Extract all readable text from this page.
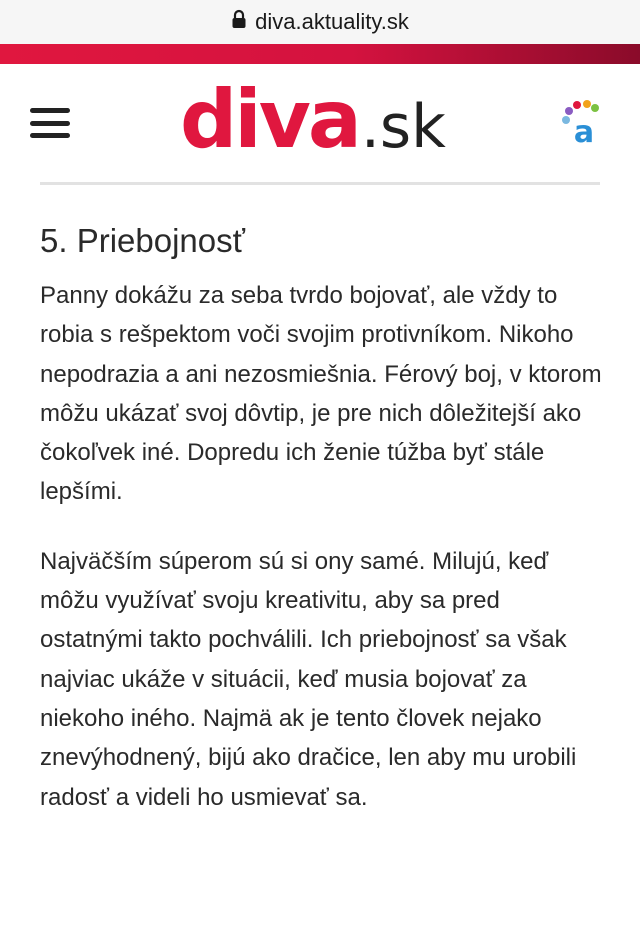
diva.aktuality.sk
diva .sk	a
5. Priebojnosť

Panny dokážu za seba tvrdo bojovať, ale vždy to robia s rešpektom voči svojim protivníkom. Nikoho nepodrazia a ani nezosmiešnia. Férový boj, v ktorom môžu ukázať svoj dôvtip, je pre nich dôležitejší ako čokoľvek iné. Dopredu ich ženie túžba byť stále lepšími.

Najväčším súperom sú si ony samé. Milujú, keď môžu využívať svoju kreativitu, aby sa pred ostatnými takto pochválili. Ich priebojnosť sa však najviac ukáže v situácii, keď musia bojovať za niekoho iného. Najmä ak je tento človek nejako znevýhodnený, bijú ako dračice, len aby mu urobili radosť a videli ho usmievať sa.
